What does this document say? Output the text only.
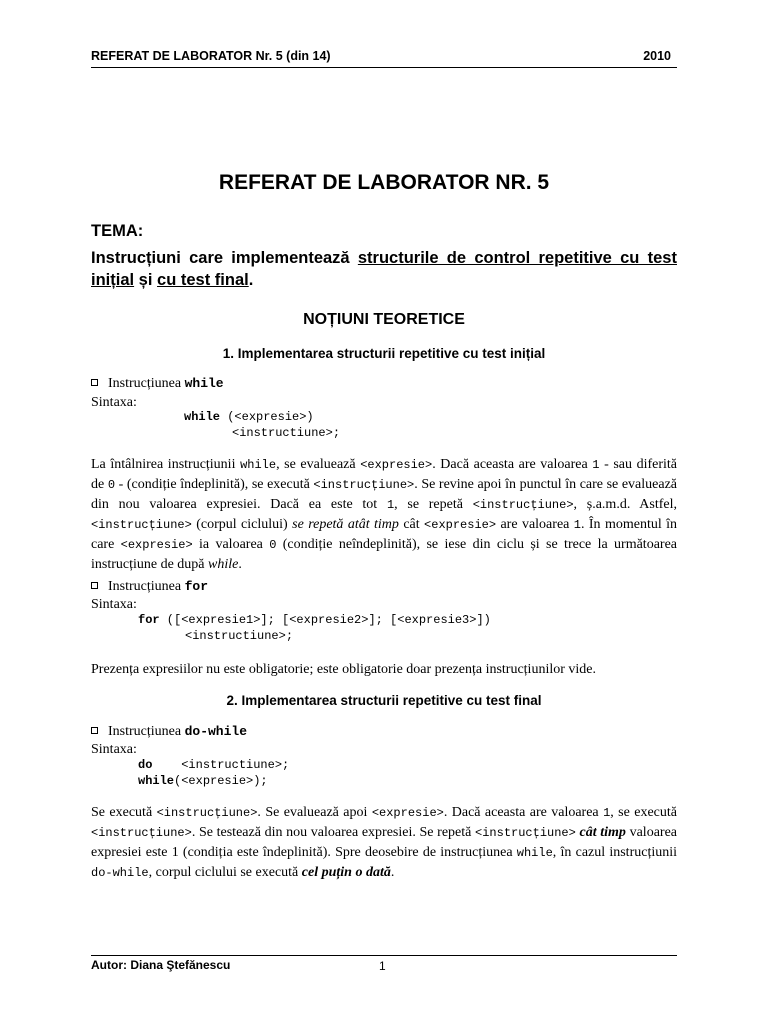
REFERAT DE LABORATOR Nr. 5 (din 14)	2010
REFERAT DE LABORATOR NR. 5
TEMA:
Instrucțiuni care implementează structurile de control repetitive cu test inițial și cu test final.
NOȚIUNI TEORETICE
1. Implementarea structurii repetitive cu test inițial
Instrucțiunea while
Sintaxa:
while (<expresie>)
<instructiune>;
La întâlnirea instrucțiunii while, se evaluează <expresie>. Dacă aceasta are valoarea 1 - sau diferită de 0 - (condiție îndeplinită), se execută <instrucțiune>. Se revine apoi în punctul în care se evaluează din nou valoarea expresiei. Dacă ea este tot 1, se repetă <instrucțiune>, ș.a.m.d. Astfel, <instrucțiune> (corpul ciclului) se repetă atât timp cât <expresie> are valoarea 1. În momentul în care <expresie> ia valoarea 0 (condiție neîndeplinită), se iese din ciclu și se trece la următoarea instrucțiune de după while.
Instrucțiunea for
Sintaxa:
for ([<expresie1>]; [<expresie2>]; [<expresie3>])
<instructiune>;
Prezența expresiilor nu este obligatorie; este obligatorie doar prezența instrucțiunilor vide.
2. Implementarea structurii repetitive cu test final
Instrucțiunea do-while
Sintaxa:
do    <instructiune>;
while(<expresie>);
Se execută <instrucțiune>. Se evaluează apoi <expresie>. Dacă aceasta are valoarea 1, se execută <instrucțiune>. Se testează din nou valoarea expresiei. Se repetă <instrucțiune> cât timp valoarea expresiei este 1 (condiția este îndeplinită). Spre deosebire de instrucțiunea while, în cazul instrucțiunii do-while, corpul ciclului se execută cel puțin o dată.
Autor: Diana Ştefănescu	1
